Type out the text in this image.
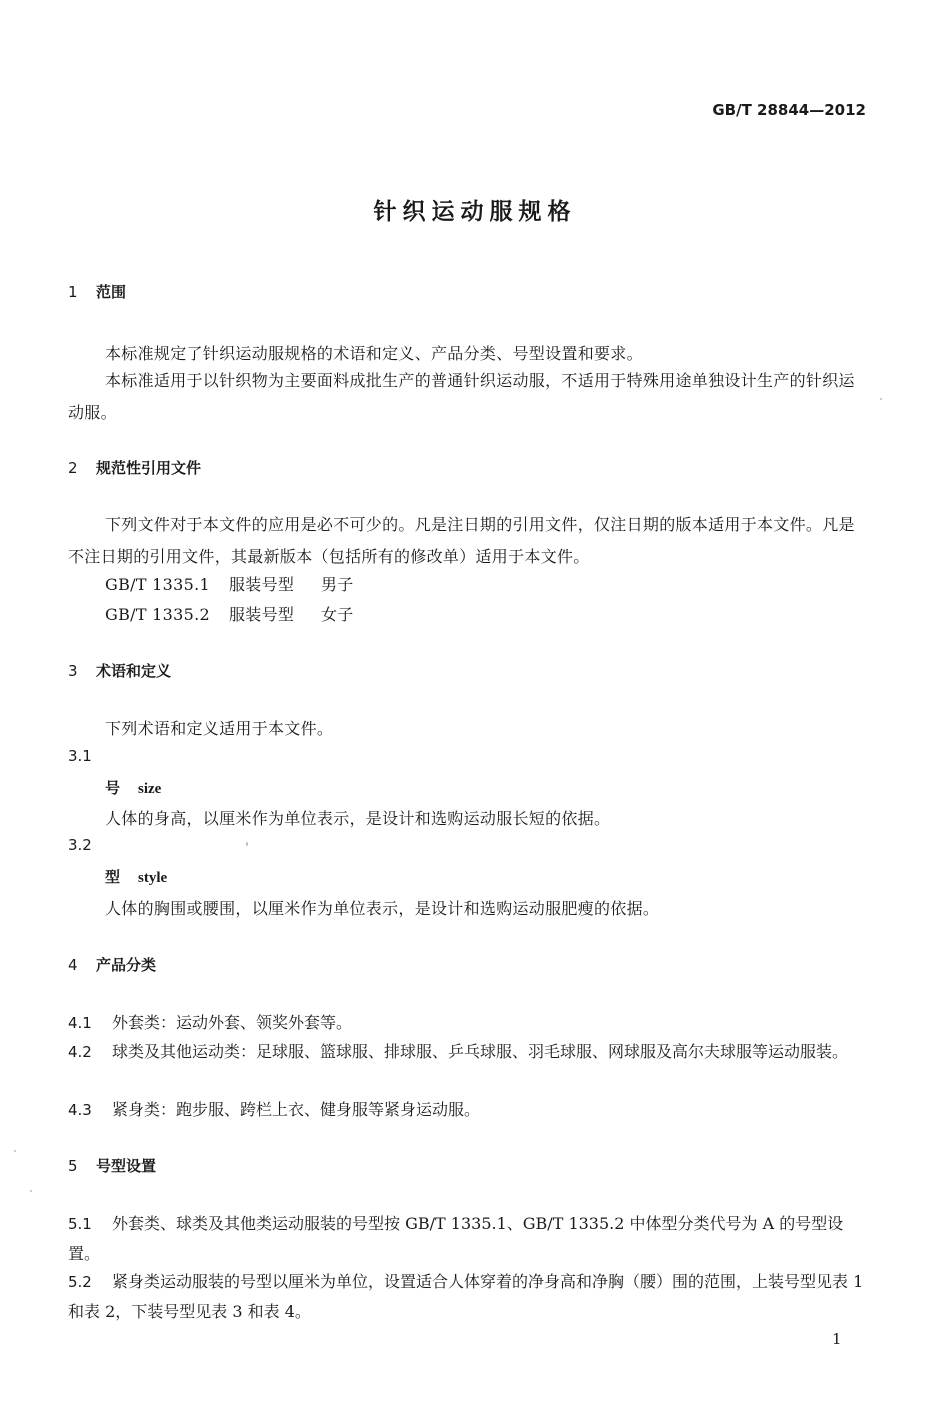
GB/T 28844—2012
针织运动服规格
1 范围
本标准规定了针织运动服规格的术语和定义、产品分类、号型设置和要求。
本标准适用于以针织物为主要面料成批生产的普通针织运动服，不适用于特殊用途单独设计生产的针织运动服。
2 规范性引用文件
下列文件对于本文件的应用是必不可少的。凡是注日期的引用文件，仅注日期的版本适用于本文件。凡是不注日期的引用文件，其最新版本（包括所有的修改单）适用于本文件。
GB/T 1335.1 服装号型 男子
GB/T 1335.2 服装号型 女子
3 术语和定义
下列术语和定义适用于本文件。
3.1
号 size
人体的身高，以厘米作为单位表示，是设计和选购运动服长短的依据。
3.2
型 style
人体的胸围或腰围，以厘米作为单位表示，是设计和选购运动服肥瘦的依据。
4 产品分类
4.1 外套类：运动外套、领奖外套等。
4.2 球类及其他运动类：足球服、篮球服、排球服、乒乓球服、羽毛球服、网球服及高尔夫球服等运动服装。
4.3 紧身类：跑步服、跨栏上衣、健身服等紧身运动服。
5 号型设置
5.1 外套类、球类及其他类运动服装的号型按 GB/T 1335.1、GB/T 1335.2 中体型分类代号为 A 的号型设置。
5.2 紧身类运动服装的号型以厘米为单位，设置适合人体穿着的净身高和净胸（腰）围的范围，上装号型见表 1 和表 2，下装号型见表 3 和表 4。
1
